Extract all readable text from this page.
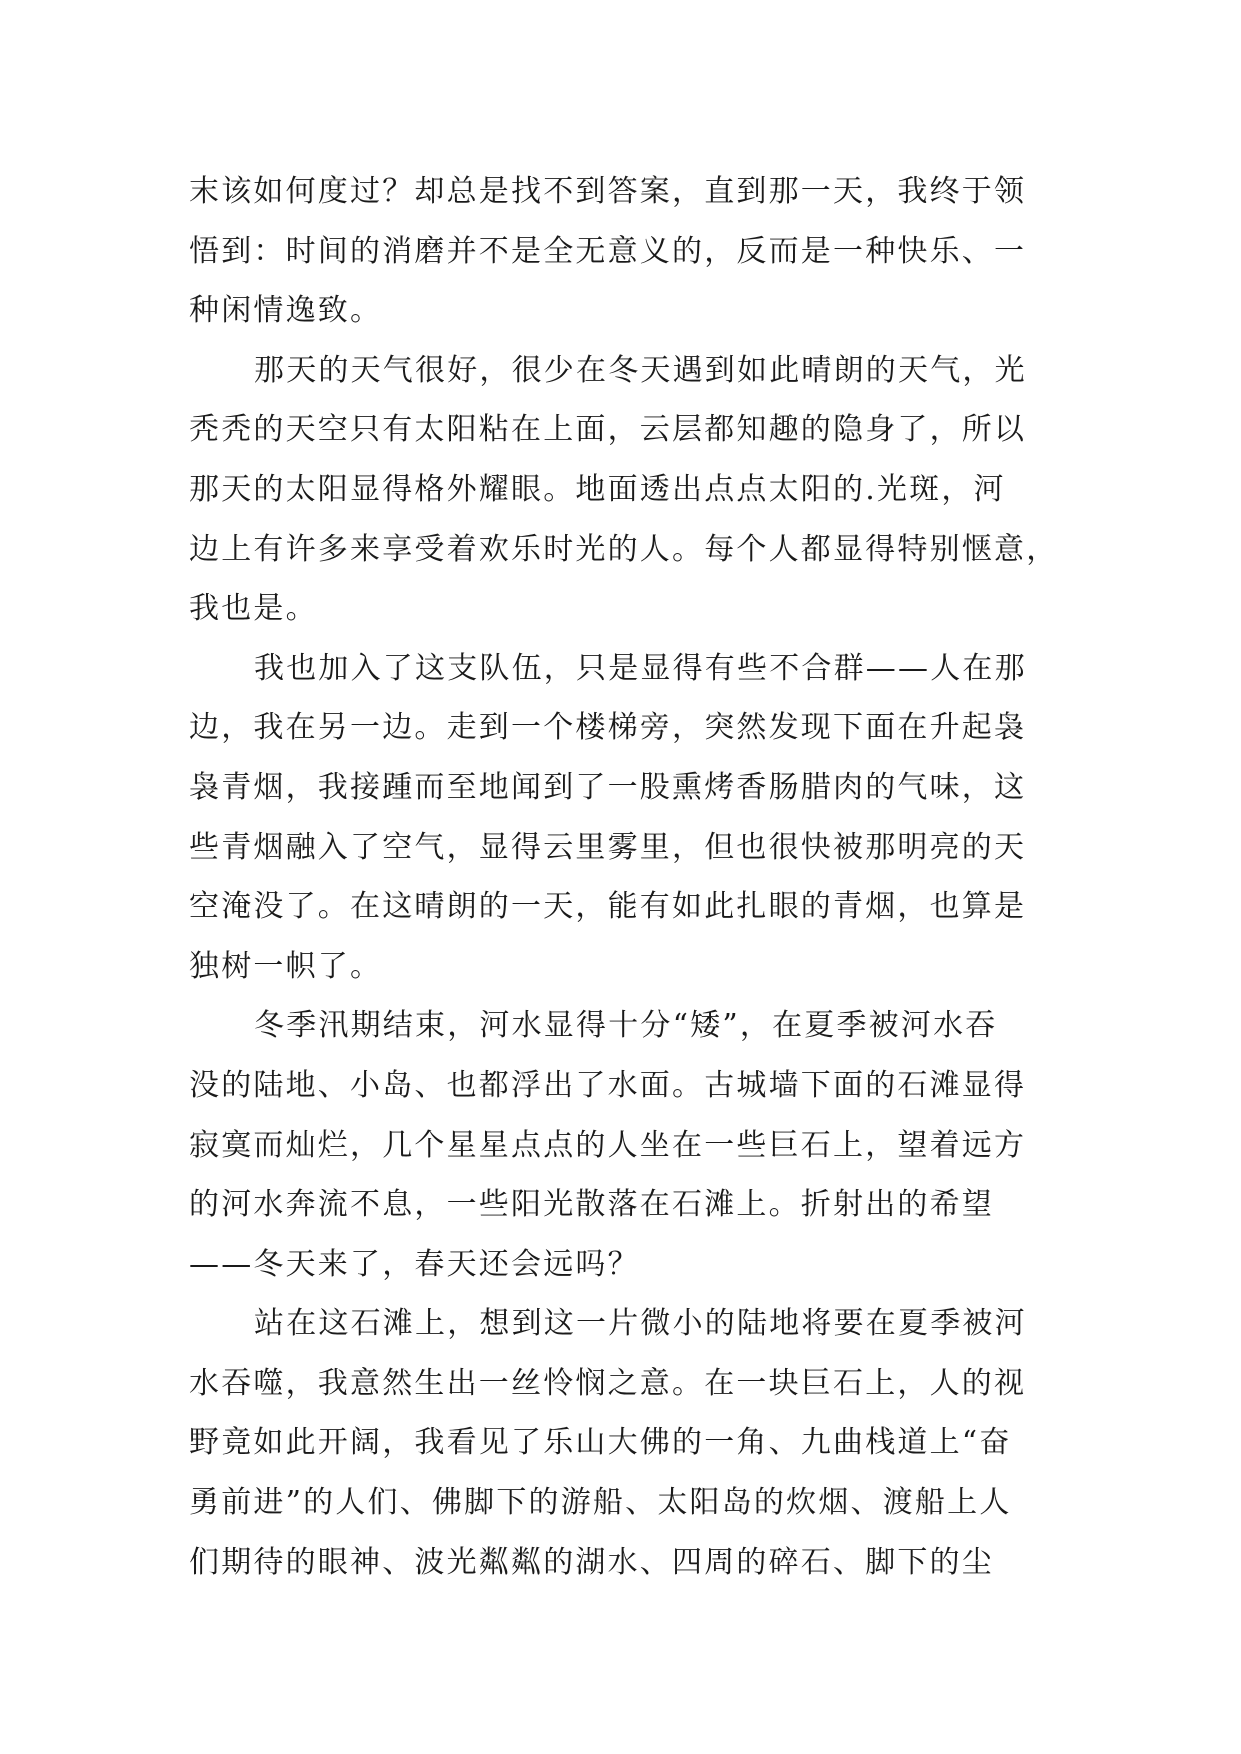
末该如何度过？却总是找不到答案，直到那一天，我终于领
悟到：时间的消磨并不是全无意义的，反而是一种快乐、一
种闲情逸致。
那天的天气很好，很少在冬天遇到如此晴朗的天气，光
秃秃的天空只有太阳粘在上面，云层都知趣的隐身了，所以
那天的太阳显得格外耀眼。地面透出点点太阳的.光斑，河
边上有许多来享受着欢乐时光的人。每个人都显得特别惬意，
我也是。
我也加入了这支队伍，只是显得有些不合群——人在那
边，我在另一边。走到一个楼梯旁，突然发现下面在升起袅
袅青烟，我接踵而至地闻到了一股熏烤香肠腊肉的气味，这
些青烟融入了空气，显得云里雾里，但也很快被那明亮的天
空淹没了。在这晴朗的一天，能有如此扎眼的青烟，也算是
独树一帜了。
冬季汛期结束，河水显得十分“矮”，在夏季被河水吞
没的陆地、小岛、也都浮出了水面。古城墙下面的石滩显得
寂寞而灿烂，几个星星点点的人坐在一些巨石上，望着远方
的河水奔流不息，一些阳光散落在石滩上。折射出的希望
——冬天来了，春天还会远吗？
站在这石滩上，想到这一片微小的陆地将要在夏季被河
水吞噬，我意然生出一丝怜悯之意。在一块巨石上，人的视
野竟如此开阔，我看见了乐山大佛的一角、九曲栈道上“奋
勇前进”的人们、佛脚下的游船、太阳岛的炊烟、渡船上人
们期待的眼神、波光粼粼的湖水、四周的碎石、脚下的尘
